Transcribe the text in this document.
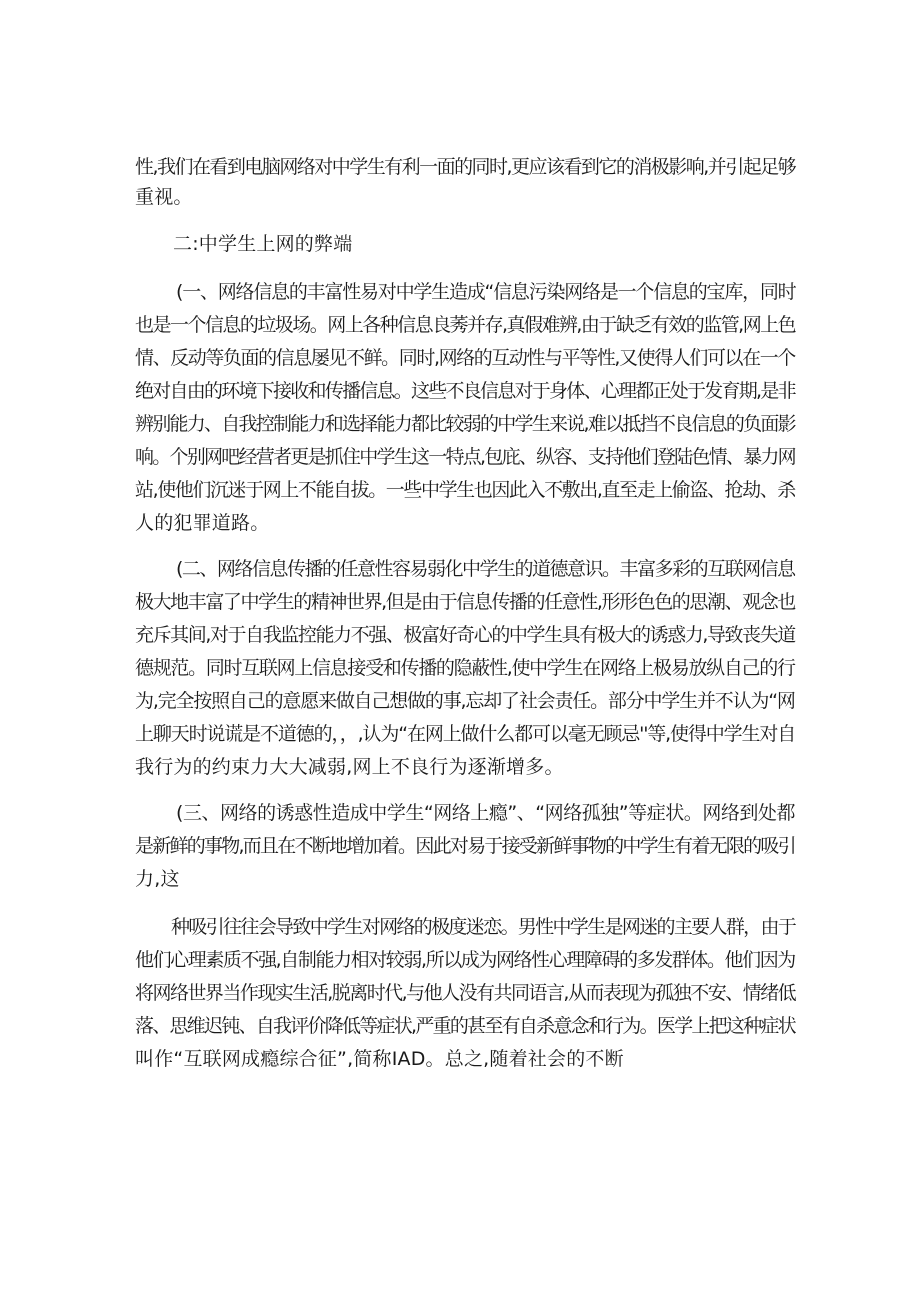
性,我们在看到电脑网络对中学生有利一面的同时,更应该看到它的消极影响,并引起足够
重视。
二:中学生上网的弊端
(一、网络信息的丰富性易对中学生造成“信息污染网络是一个信息的宝库，同时
也是一个信息的垃圾场。网上各种信息良莠并存,真假难辨,由于缺乏有效的监管,网上色
情、反动等负面的信息屡见不鲜。同时,网络的互动性与平等性,又使得人们可以在一个
绝对自由的环境下接收和传播信息。这些不良信息对于身体、心理都正处于发育期,是非
辨别能力、自我控制能力和选择能力都比较弱的中学生来说,难以抵挡不良信息的负面影
响。个别网吧经营者更是抓住中学生这一特点,包庇、纵容、支持他们登陆色情、暴力网
站,使他们沉迷于网上不能自拔。一些中学生也因此入不敷出,直至走上偷盗、抢劫、杀
人的犯罪道路。
(二、网络信息传播的任意性容易弱化中学生的道德意识。丰富多彩的互联网信息
极大地丰富了中学生的精神世界,但是由于信息传播的任意性,形形色色的思潮、观念也
充斥其间,对于自我监控能力不强、极富好奇心的中学生具有极大的诱惑力,导致丧失道
德规范。同时互联网上信息接受和传播的隐蔽性,使中学生在网络上极易放纵自己的行
为,完全按照自己的意愿来做自己想做的事,忘却了社会责任。部分中学生并不认为“网
上聊天时说谎是不道德的，，,认为“在网上做什么都可以毫无顾忌''等,使得中学生对自
我行为的约束力大大减弱,网上不良行为逐渐增多。
(三、网络的诱惑性造成中学生“网络上瘾”、“网络孤独”等症状。网络到处都
是新鲜的事物,而且在不断地增加着。因此对易于接受新鲜事物的中学生有着无限的吸引
力,这
种吸引往往会导致中学生对网络的极度迷恋。男性中学生是网迷的主要人群，由于
他们心理素质不强,自制能力相对较弱,所以成为网络性心理障碍的多发群体。他们因为
将网络世界当作现实生活,脱离时代,与他人没有共同语言,从而表现为孤独不安、情绪低
落、思维迟钝、自我评价降低等症状,严重的甚至有自杀意念和行为。医学上把这种症状
叫作“互联网成瘾综合征”,简称IAD。总之,随着社会的不断
